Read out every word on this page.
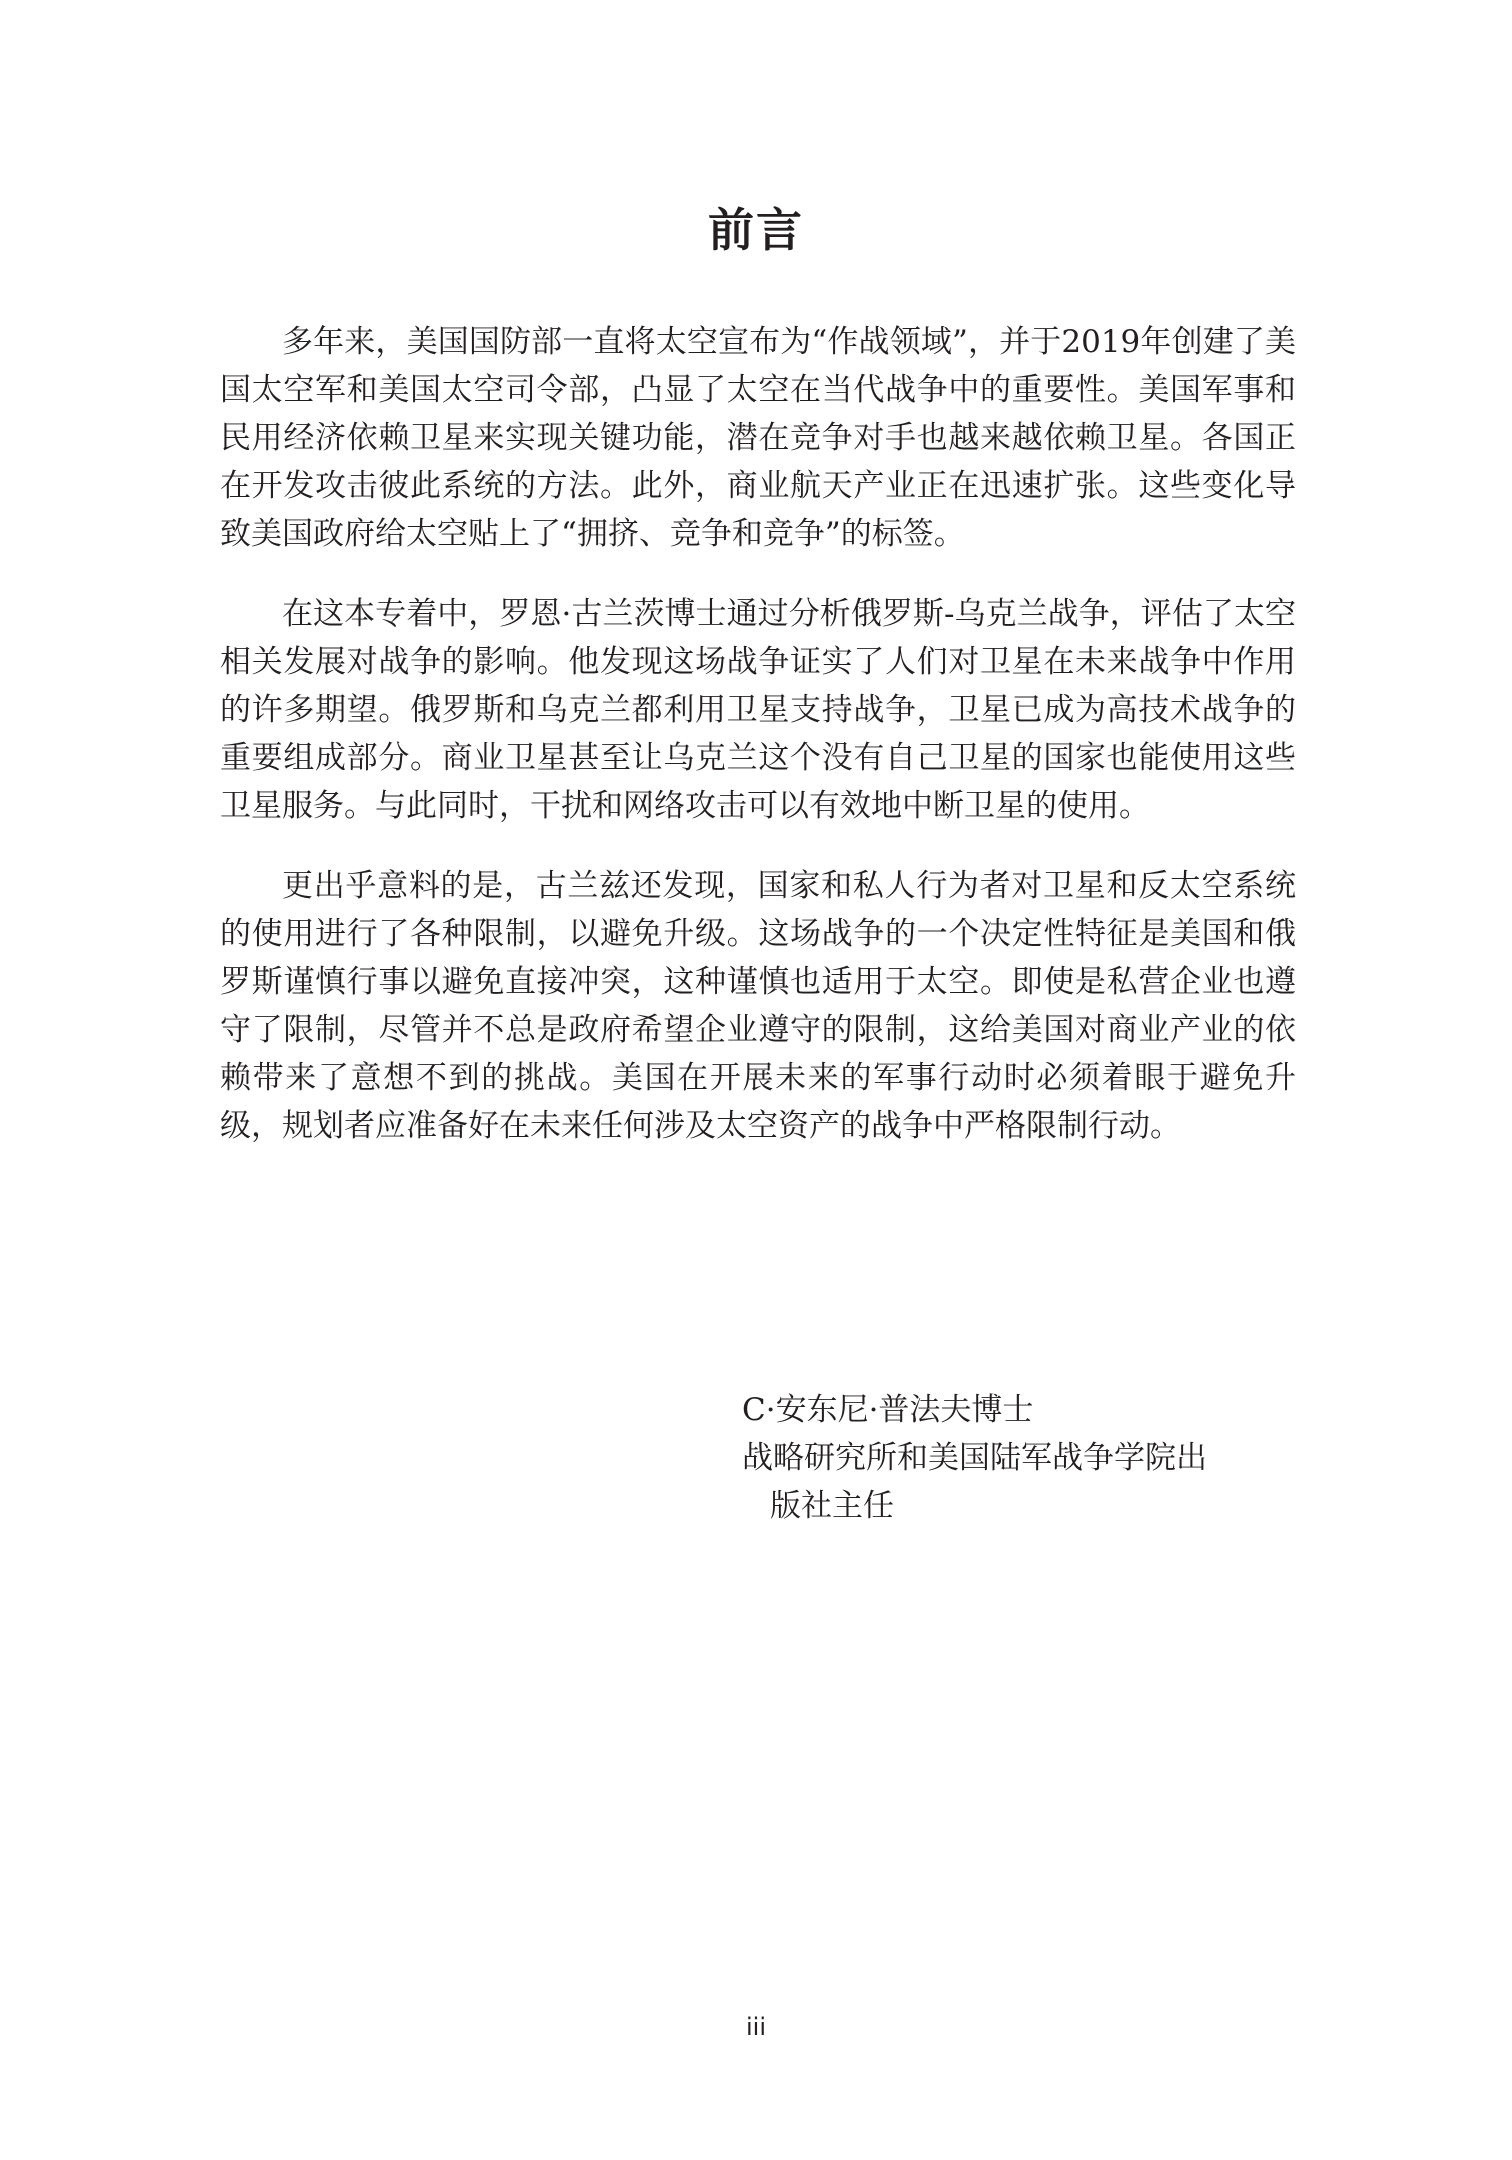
前言

多年来，美国国防部一直将太空宣布为“作战领域”，并于2019年创建了美国太空军和美国太空司令部，凸显了太空在当代战争中的重要性。美国军事和民用经济依赖卫星来实现关键功能，潜在竞争对手也越来越依赖卫星。各国正在开发攻击彼此系统的方法。此外，商业航天产业正在迅速扩张。这些变化导致美国政府给太空贴上了“拥挤、竞争和竞争”的标签。

在这本专着中，罗恩·古兰茨博士通过分析俄罗斯-乌克兰战争，评估了太空相关发展对战争的影响。他发现这场战争证实了人们对卫星在未来战争中作用的许多期望。俄罗斯和乌克兰都利用卫星支持战争，卫星已成为高技术战争的重要组成部分。商业卫星甚至让乌克兰这个没有自己卫星的国家也能使用这些卫星服务。与此同时，干扰和网络攻击可以有效地中断卫星的使用。

更出乎意料的是，古兰兹还发现，国家和私人行为者对卫星和反太空系统的使用进行了各种限制，以避免升级。这场战争的一个决定性特征是美国和俄罗斯谨慎行事以避免直接冲突，这种谨慎也适用于太空。即使是私营企业也遵守了限制，尽管并不总是政府希望企业遵守的限制，这给美国对商业产业的依赖带来了意想不到的挑战。美国在开展未来的军事行动时必须着眼于避免升级，规划者应准备好在未来任何涉及太空资产的战争中严格限制行动。

C·安东尼·普法夫博士

战略研究所和美国陆军战争学院出

版社主任

iii
